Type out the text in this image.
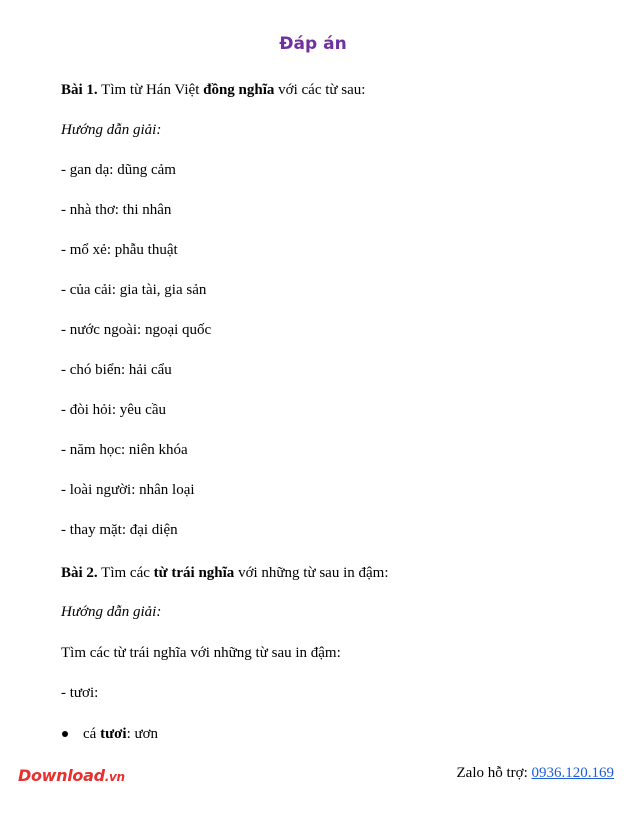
Đáp án
Bài 1. Tìm từ Hán Việt đồng nghĩa với các từ sau:
Hướng dẫn giải:
- gan dạ: dũng cảm
- nhà thơ: thi nhân
- mổ xẻ: phẫu thuật
- của cải: gia tài, gia sản
- nước ngoài: ngoại quốc
- chó biển: hải cẩu
- đòi hỏi: yêu cầu
- năm học: niên khóa
- loài người: nhân loại
- thay mặt: đại diện
Bài 2. Tìm các từ trái nghĩa với những từ sau in đậm:
Hướng dẫn giải:
Tìm các từ trái nghĩa với những từ sau in đậm:
- tươi:
cá tươi: ươn
Download.vn	Zalo hỗ trợ: 0936.120.169
